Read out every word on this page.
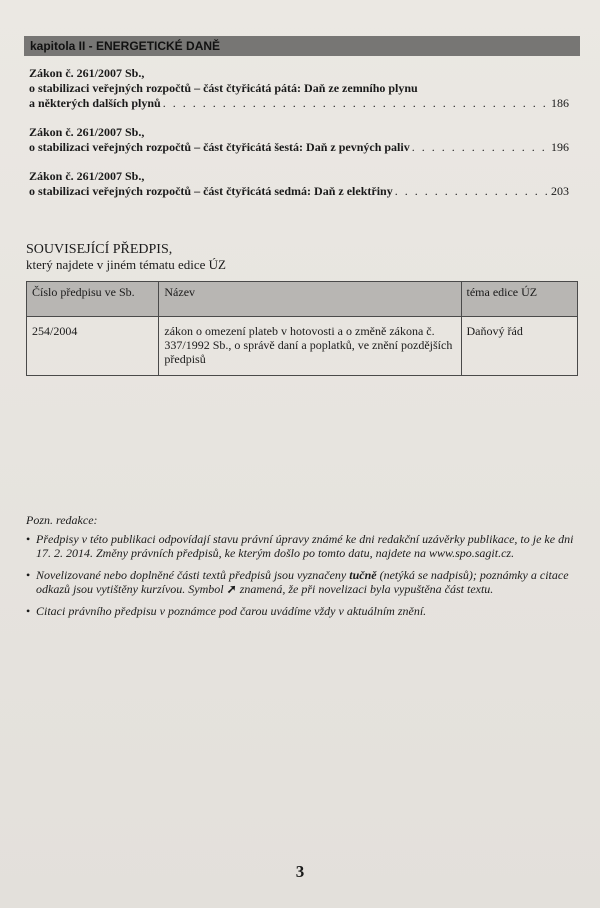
kapitola II - ENERGETICKÉ DANĚ
Zákon č. 261/2007 Sb.,
o stabilizaci veřejných rozpočtů – část čtyřicátá pátá: Daň ze zemního plynu
a některých dalších plynů . . .	186
Zákon č. 261/2007 Sb.,
o stabilizaci veřejných rozpočtů – část čtyřicátá šestá: Daň z pevných paliv . . .	196
Zákon č. 261/2007 Sb.,
o stabilizaci veřejných rozpočtů – část čtyřicátá sedmá: Daň z elektřiny . . .	203
SOUVISEJÍCÍ PŘEDPIS,
který najdete v jiném tématu edice ÚZ
Číslo předpisu ve Sb.	Název	téma edice ÚZ
254/2004	zákon o omezení plateb v hotovosti a o změně zákona č. 337/1992 Sb., o správě daní a poplatků, ve znění pozdějších předpisů	Daňový řád
Pozn. redakce:
• Předpisy v této publikaci odpovídají stavu právní úpravy známé ke dni redakční uzávěrky publikace, to je ke dni 17. 2. 2014. Změny právních předpisů, ke kterým došlo po tomto datu, najdete na www.spo.sagit.cz.
• Novelizované nebo doplněné části textů předpisů jsou vyznačeny tučně (netýká se nadpisů); poznámky a citace odkazů jsou vytištěny kurzívou. Symbol ➚ znamená, že při novelizaci byla vypuštěna část textu.
• Citaci právního předpisu v poznámce pod čarou uvádíme vždy v aktuálním znění.
3
